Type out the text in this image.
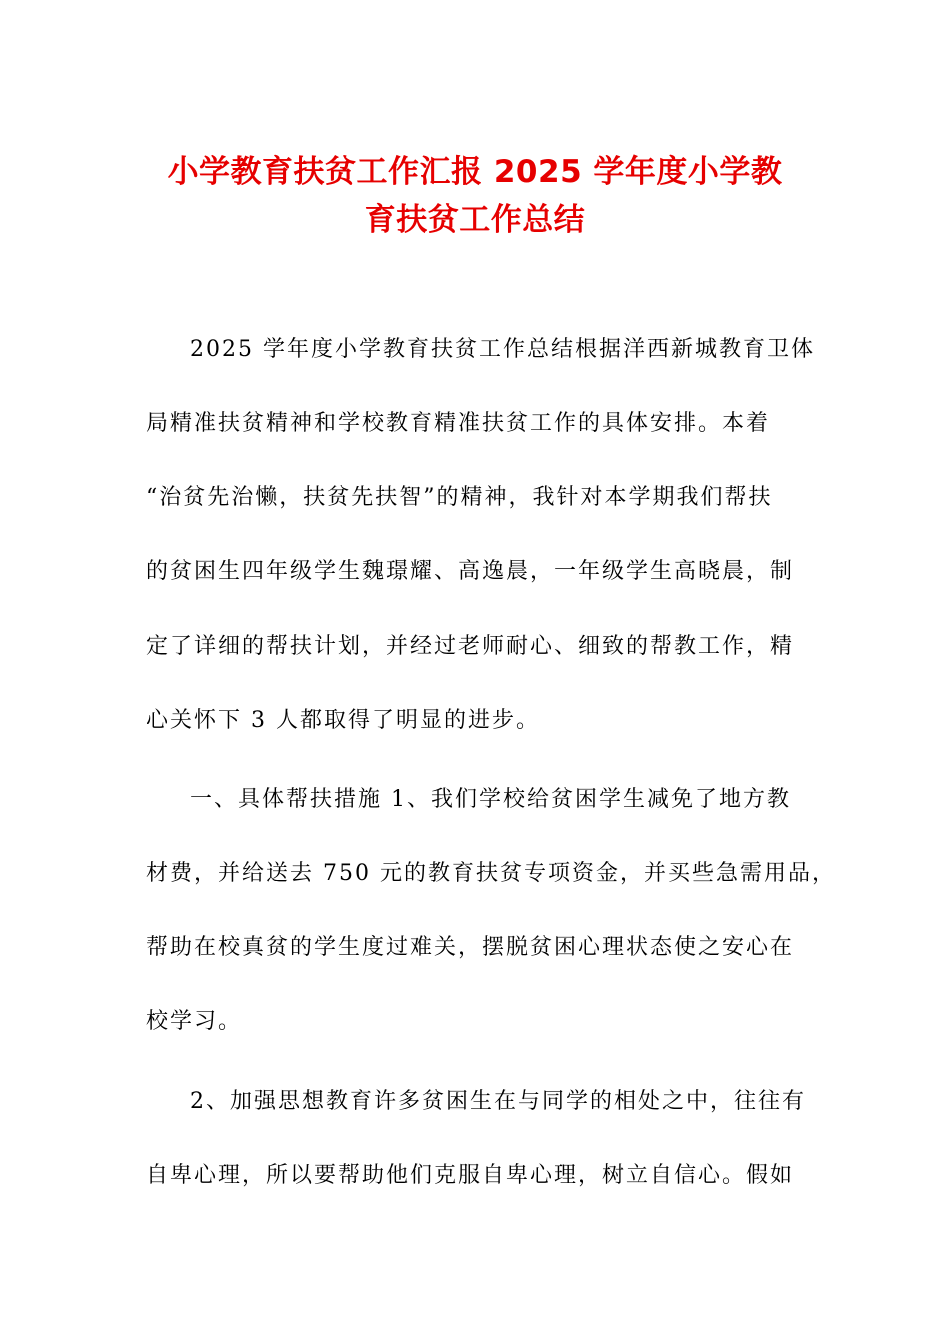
小学教育扶贫工作汇报 2025 学年度小学教
育扶贫工作总结
2025 学年度小学教育扶贫工作总结根据洋西新城教育卫体
局精准扶贫精神和学校教育精准扶贫工作的具体安排。本着
“治贫先治懒，扶贫先扶智”的精神，我针对本学期我们帮扶
的贫困生四年级学生魏璟耀、高逸晨，一年级学生高晓晨，制
定了详细的帮扶计划，并经过老师耐心、细致的帮教工作，精
心关怀下 3 人都取得了明显的进步。
一、具体帮扶措施 1、我们学校给贫困学生减免了地方教
材费，并给送去 750 元的教育扶贫专项资金，并买些急需用品，
帮助在校真贫的学生度过难关，摆脱贫困心理状态使之安心在
校学习。
2、加强思想教育许多贫困生在与同学的相处之中，往往有
自卑心理，所以要帮助他们克服自卑心理，树立自信心。假如
